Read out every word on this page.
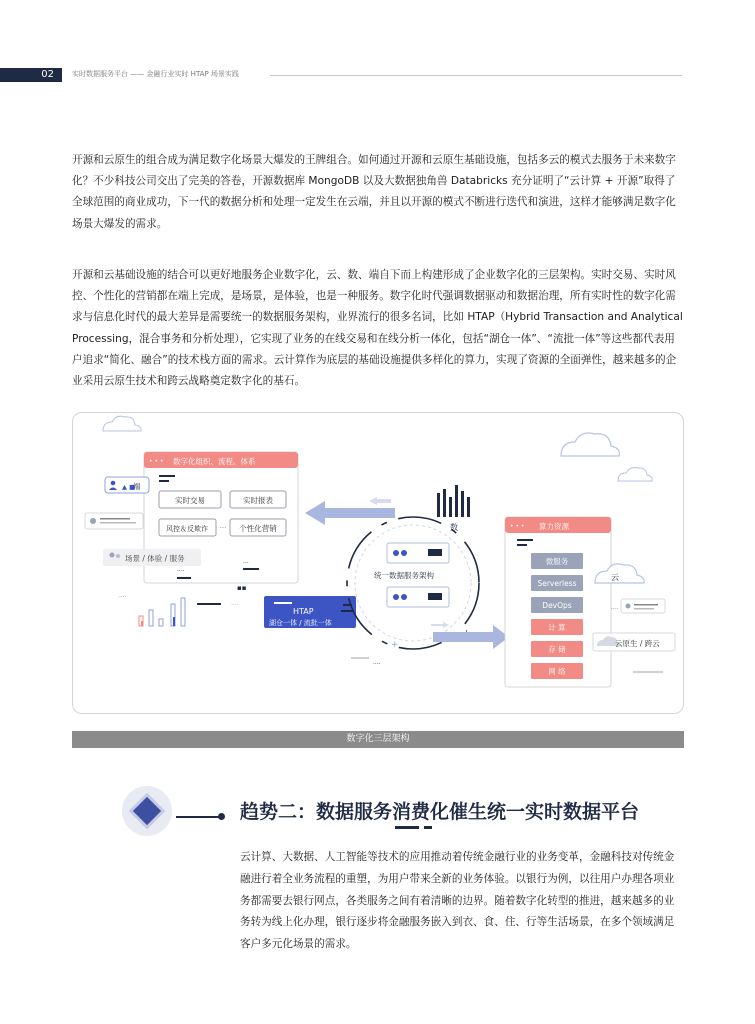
02	实时数据服务平台 —— 金融行业实时 HTAP 场景实践

开源和云原生的组合成为满足数字化场景大爆发的王牌组合。如何通过开源和云原生基础设施，包括多云的模式去服务于未来数字化？不少科技公司交出了完美的答卷，开源数据库 MongoDB 以及大数据独角兽 Databricks 充分证明了“云计算 + 开源”取得了全球范围的商业成功，下一代的数据分析和处理一定发生在云端，并且以开源的模式不断进行迭代和演进，这样才能够满足数字化场景大爆发的需求。

开源和云基础设施的结合可以更好地服务企业数字化，云、数、端自下而上构建形成了企业数字化的三层架构。实时交易、实时风控、个性化的营销都在端上完成，是场景，是体验，也是一种服务。数字化时代强调数据驱动和数据治理，所有实时性的数字化需求与信息化时代的最大差异是需要统一的数据服务架构，业界流行的很多名词，比如 HTAP（Hybrid Transaction and Analytical Processing，混合事务和分析处理），它实现了业务的在线交易和在线分析一体化，包括“湖仓一体”、“流批一体”等这些都代表用户追求“简化、融合”的技术栈方面的需求。云计算作为底层的基础设施提供多样化的算力，实现了资源的全面弹性，越来越多的企业采用云原生技术和跨云战略奠定数字化的基石。

• • • 数字化组织、流程、体系
实时交易	实时报表
风控＆反欺诈 ··· 个性化营销
▲ ■
端
场景 / 体验 / 服务
····
···
····
····
▪▪
HTAP
湖仓一体 / 流批一体
数
统一数据服务架构
+
····
• • • 算力资源
微服务
Serverless
DevOps
计 算
存 储
网 络
云
····
云原生 / 跨云
数字化三层架构
趋势二：数据服务消费化催生统一实时数据平台

云计算、大数据、人工智能等技术的应用推动着传统金融行业的业务变革，金融科技对传统金融进行着全业务流程的重塑，为用户带来全新的业务体验。以银行为例，以往用户办理各项业务都需要去银行网点，各类服务之间有着清晰的边界。随着数字化转型的推进，越来越多的业务转为线上化办理，银行逐步将金融服务嵌入到衣、食、住、行等生活场景，在多个领域满足客户多元化场景的需求。
